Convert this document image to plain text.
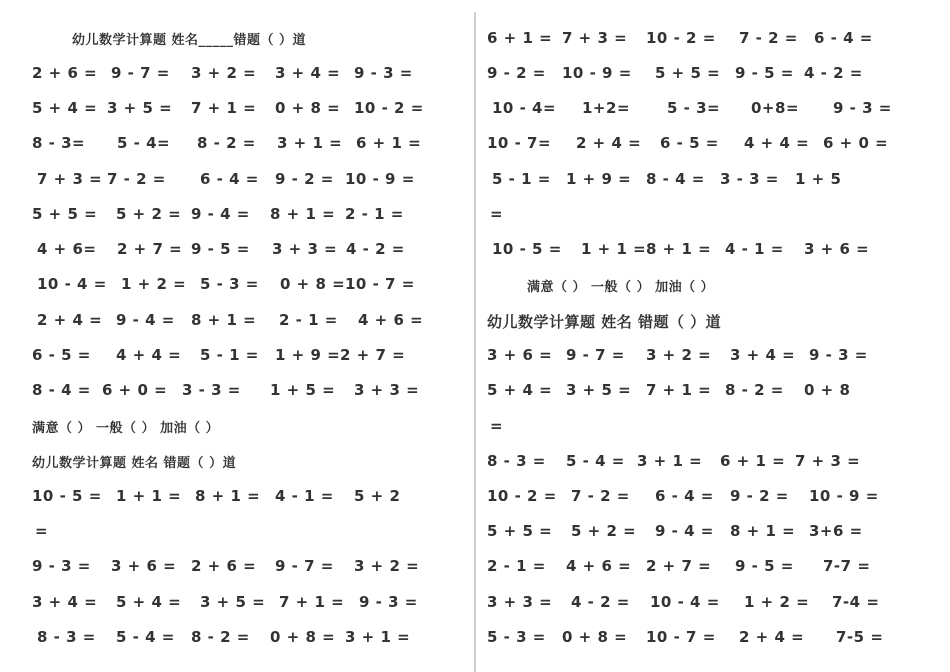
幼儿数学计算题 姓名_____错题（ ）道
2 + 6 = 9 - 7 = 3 + 2 = 3 + 4 = 9 - 3 =
5 + 4 = 3 + 5 = 7 + 1 = 0 + 8 = 10 - 2 =
8 - 3= 5 - 4= 8 - 2 = 3 + 1 = 6 + 1 =
7 + 3 = 7 - 2 = 6 - 4 = 9 - 2 = 10 - 9 =
5 + 5 = 5 + 2 = 9 - 4 = 8 + 1 = 2 - 1 =
4 + 6= 2 + 7 = 9 - 5 = 3 + 3 = 4 - 2 =
10 - 4 = 1 + 2 = 5 - 3 = 0 + 8 = 10 - 7 =
2 + 4 = 9 - 4 = 8 + 1 = 2 - 1 = 4 + 6 =
6 - 5 = 4 + 4 = 5 - 1 = 1 + 9 = 2 + 7 =
8 - 4 = 6 + 0 = 3 - 3 = 1 + 5 = 3 + 3 =
满意（ ） 一般（ ） 加油（ ）
幼儿数学计算题 姓名 错题（ ）道
10 - 5 = 1 + 1 = 8 + 1 = 4 - 1 = 5 + 2
=
9 - 3 = 3 + 6 = 2 + 6 = 9 - 7 = 3 + 2 =
3 + 4 = 5 + 4 = 3 + 5 = 7 + 1 = 9 - 3 =
8 - 3 = 5 - 4 = 8 - 2 = 0 + 8 = 3 + 1 =
6 + 1 = 7 + 3 = 10 - 2 = 7 - 2 = 6 - 4 =
9 - 2 = 10 - 9 = 5 + 5 = 9 - 5 = 4 - 2 =
10 - 4= 1+2= 5 - 3= 0+8= 9 - 3 =
10 - 7= 2 + 4 = 6 - 5 = 4 + 4 = 6 + 0 =
5 - 1 = 1 + 9 = 8 - 4 = 3 - 3 = 1 + 5
=
10 - 5 = 1 + 1 = 8 + 1 = 4 - 1 = 3 + 6 =
满意（ ） 一般（ ） 加油（ ）
幼儿数学计算题 姓名 错题（ ）道
3 + 6 = 9 - 7 = 3 + 2 = 3 + 4 = 9 - 3 =
5 + 4 = 3 + 5 = 7 + 1 = 8 - 2 = 0 + 8
=
8 - 3 = 5 - 4 = 3 + 1 = 6 + 1 = 7 + 3 =
10 - 2 = 7 - 2 = 6 - 4 = 9 - 2 = 10 - 9 =
5 + 5 = 5 + 2 = 9 - 4 = 8 + 1 = 3+6 =
2 - 1 = 4 + 6 = 2 + 7 = 9 - 5 = 7-7 =
3 + 3 = 4 - 2 = 10 - 4 = 1 + 2 = 7-4 =
5 - 3 = 0 + 8 = 10 - 7 = 2 + 4 = 7-5 =
